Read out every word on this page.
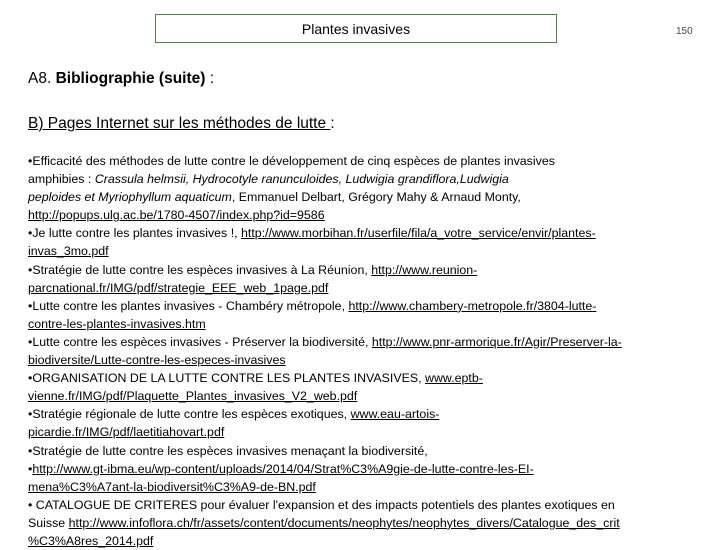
Plantes invasives	150
A8. Bibliographie (suite) :
B) Pages Internet sur les méthodes de lutte :
•Efficacité des méthodes de lutte contre le développement de cinq espèces de plantes invasives
amphibies : Crassula helmsii, Hydrocotyle ranunculoides, Ludwigia grandiflora,Ludwigia
peploides et Myriophyllum aquaticum, Emmanuel Delbart, Grégory Mahy & Arnaud Monty,
http://popups.ulg.ac.be/1780-4507/index.php?id=9586
•Je lutte contre les plantes invasives !, http://www.morbihan.fr/userfile/fila/a_votre_service/envir/plantes-
invas_3mo.pdf
•Stratégie de lutte contre les espèces invasives à La Réunion, http://www.reunion-
parcnational.fr/IMG/pdf/strategie_EEE_web_1page.pdf
•Lutte contre les plantes invasives - Chambéry métropole, http://www.chambery-metropole.fr/3804-lutte-
contre-les-plantes-invasives.htm
•Lutte contre les espèces invasives - Préserver la biodiversité, http://www.pnr-armorique.fr/Agir/Preserver-la-
biodiversite/Lutte-contre-les-especes-invasives
•ORGANISATION DE LA LUTTE CONTRE LES PLANTES INVASIVES, www.eptb-
vienne.fr/IMG/pdf/Plaquette_Plantes_invasives_V2_web.pdf
•Stratégie régionale de lutte contre les espèces exotiques, www.eau-artois-
picardie.fr/IMG/pdf/laetitiahovart.pdf
•Stratégie de lutte contre les espèces invasives menaçant la biodiversité,
•http://www.gt-ibma.eu/wp-content/uploads/2014/04/Strat%C3%A9gie-de-lutte-contre-les-EI-
mena%C3%A7ant-la-biodiversit%C3%A9-de-BN.pdf
• CATALOGUE DE CRITERES pour évaluer l'expansion et des impacts potentiels des plantes exotiques en
Suisse http://www.infoflora.ch/fr/assets/content/documents/neophytes/neophytes_divers/Catalogue_des_crit
%C3%A8res_2014.pdf
